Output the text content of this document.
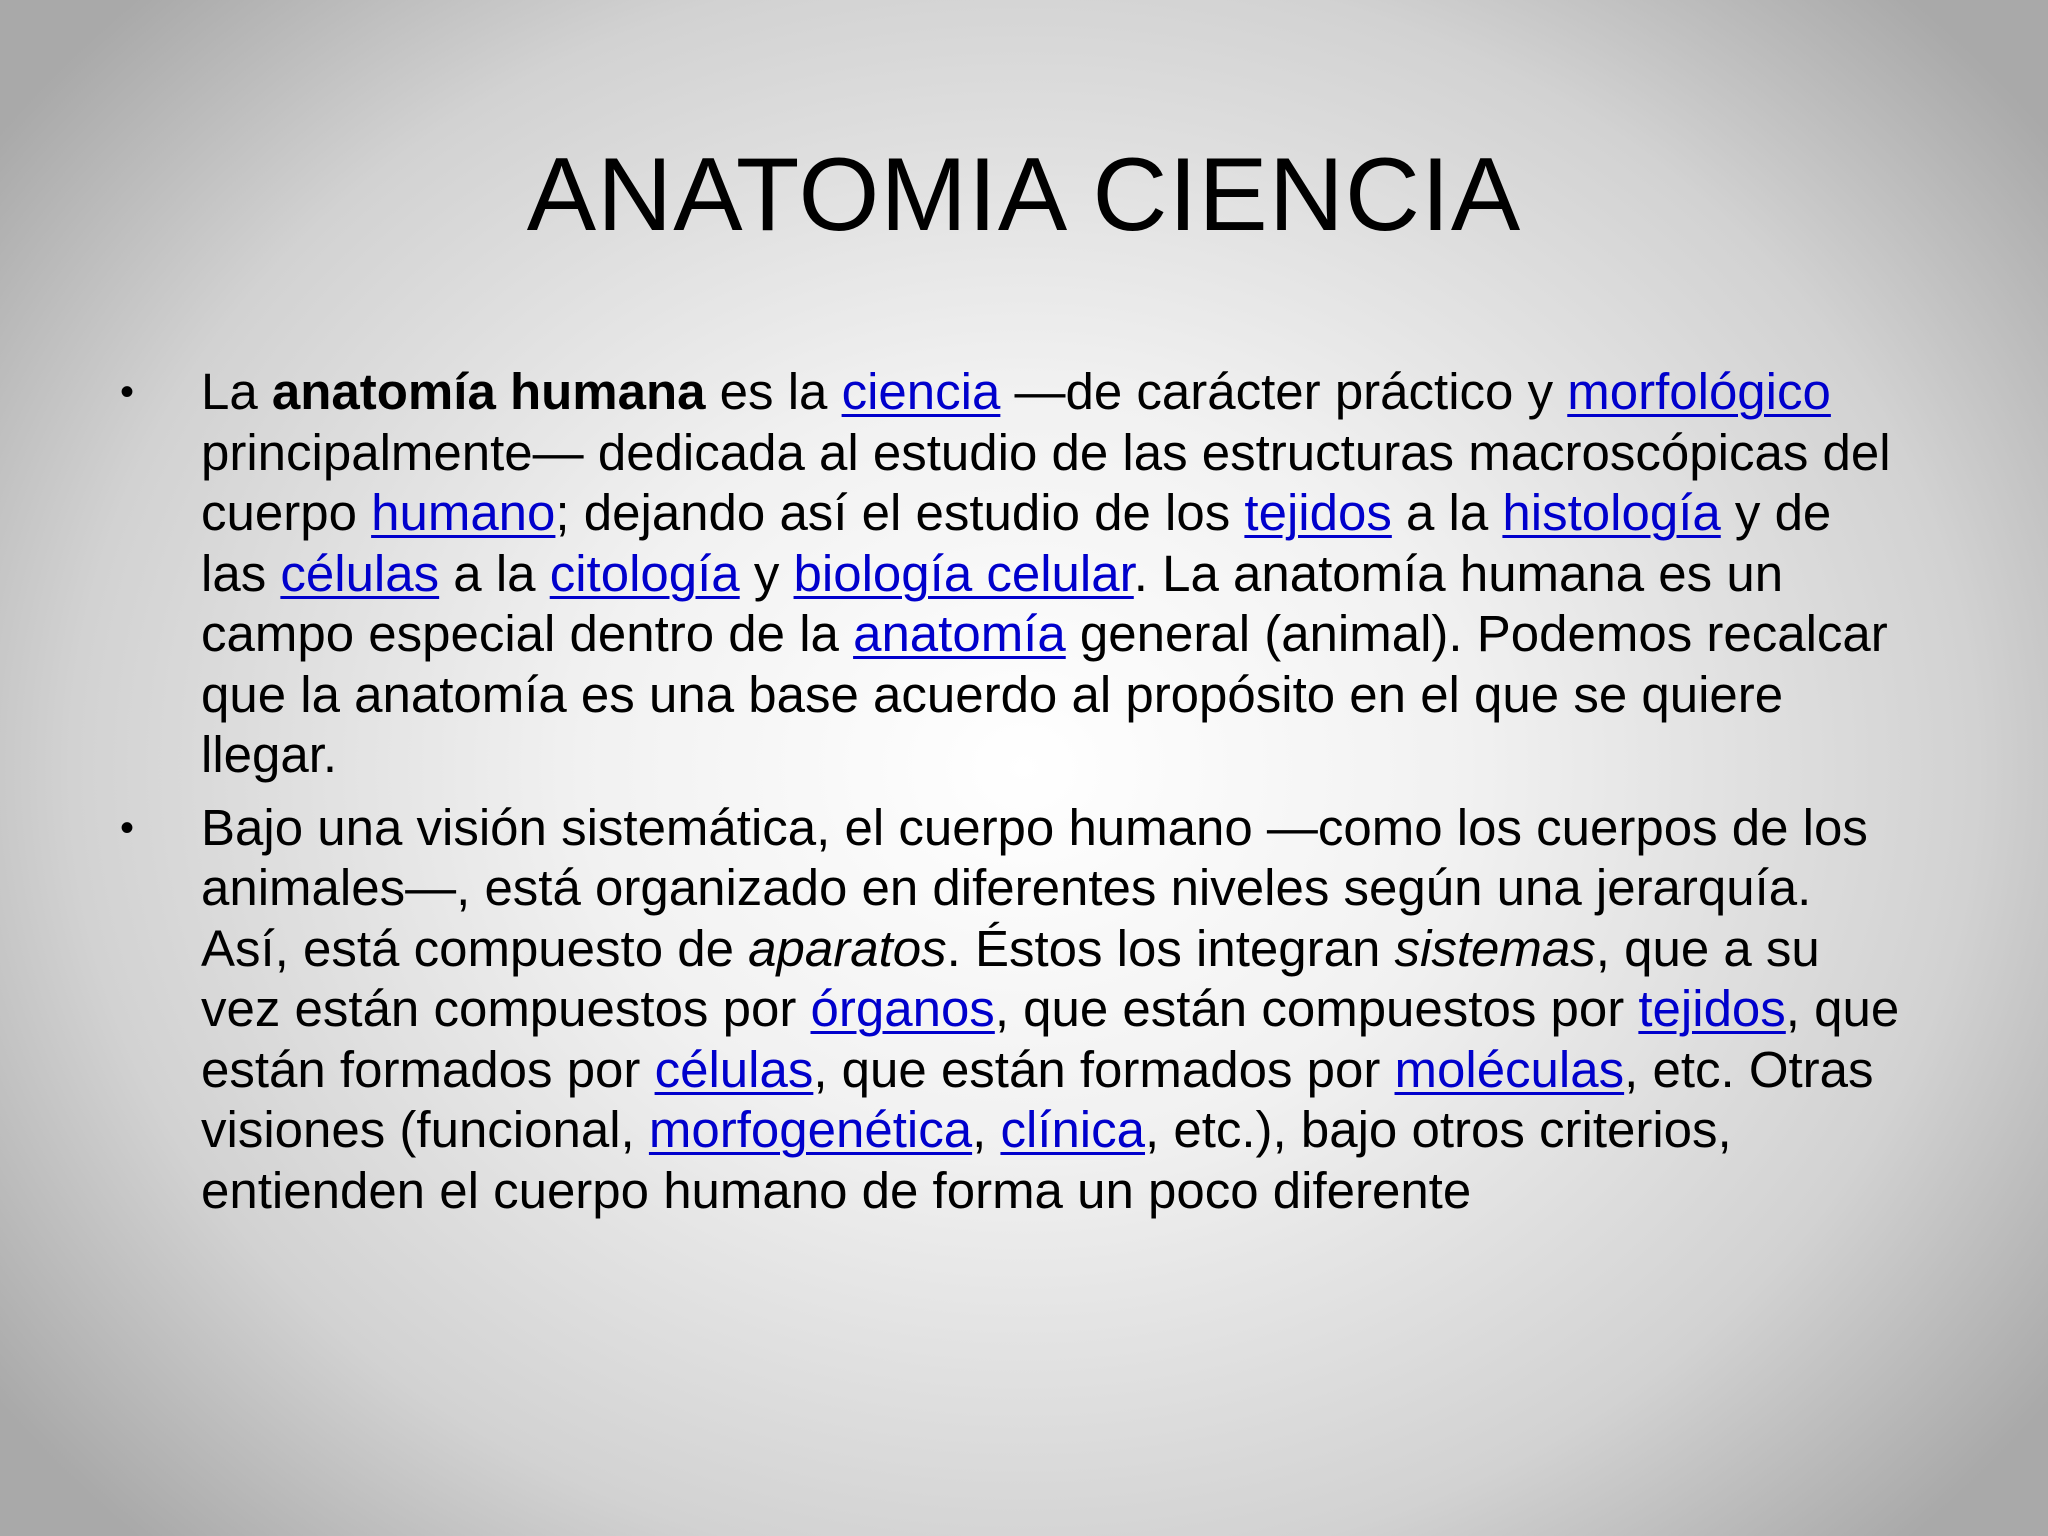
ANATOMIA CIENCIA
• La anatomía humana es la ciencia —de carácter práctico y morfológico principalmente— dedicada al estudio de las estructuras macroscópicas del cuerpo humano; dejando así el estudio de los tejidos a la histología y de las células a la citología y biología celular. La anatomía humana es un campo especial dentro de la anatomía general (animal). Podemos recalcar que la anatomía es una base acuerdo al propósito en el que se quiere llegar.
• Bajo una visión sistemática, el cuerpo humano —como los cuerpos de los animales—, está organizado en diferentes niveles según una jerarquía. Así, está compuesto de aparatos. Éstos los integran sistemas, que a su vez están compuestos por órganos, que están compuestos por tejidos, que están formados por células, que están formados por moléculas, etc. Otras visiones (funcional, morfogenética, clínica, etc.), bajo otros criterios, entienden el cuerpo humano de forma un poco diferente
